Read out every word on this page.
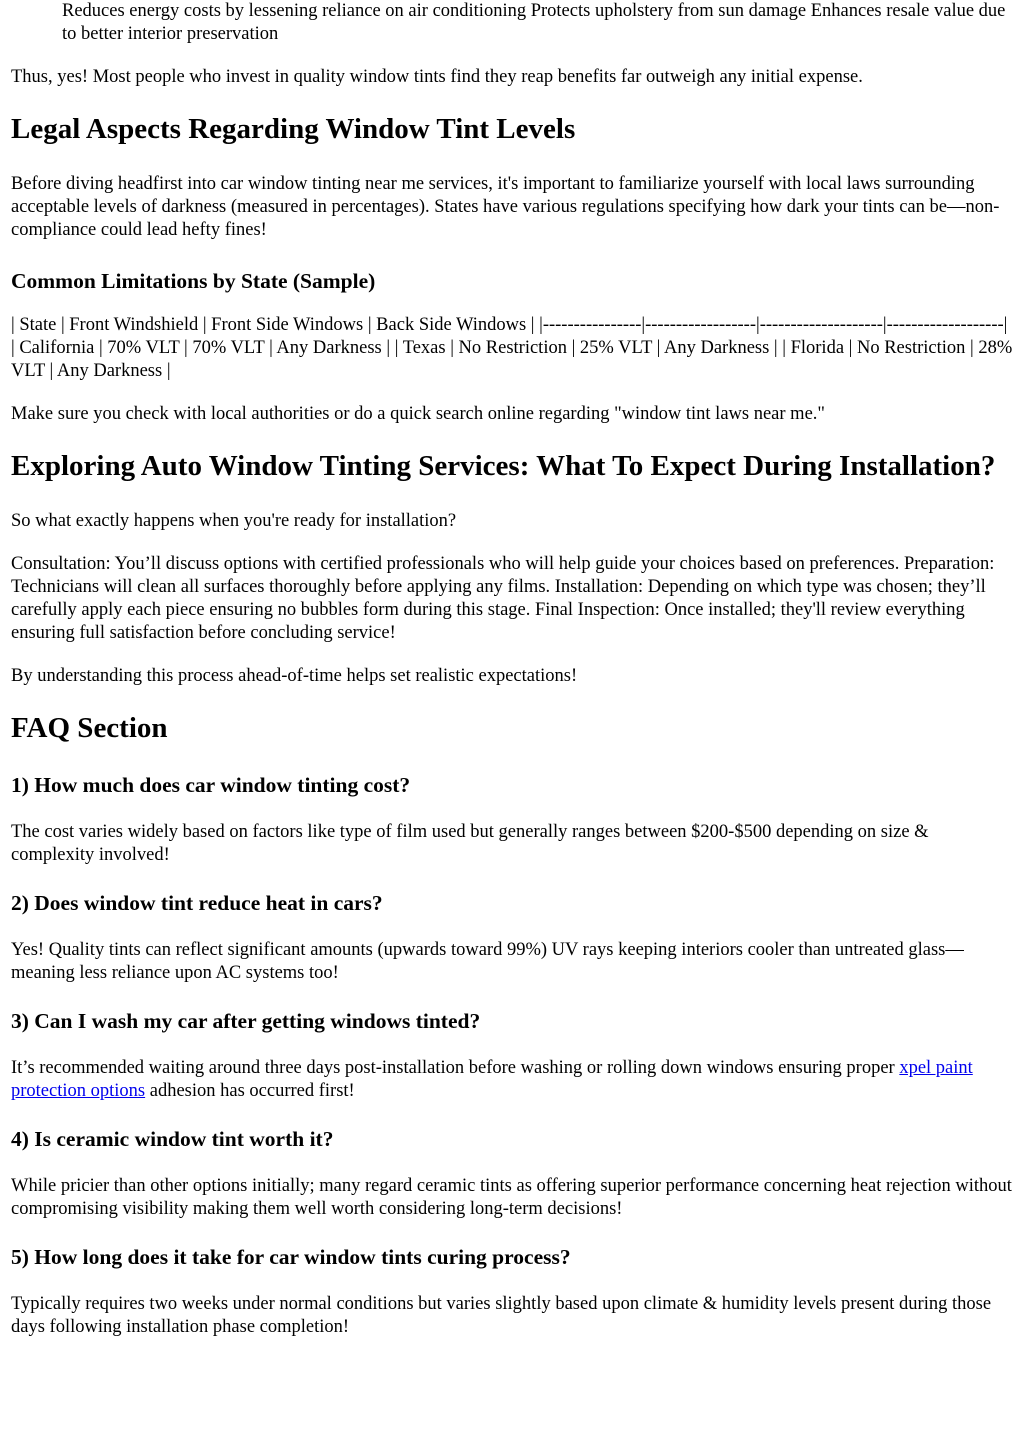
Reduces energy costs by lessening reliance on air conditioning Protects upholstery from sun damage Enhances resale value due to better interior preservation

Thus, yes! Most people who invest in quality window tints find they reap benefits far outweigh any initial expense.

Legal Aspects Regarding Window Tint Levels

Before diving headfirst into car window tinting near me services, it's important to familiarize yourself with local laws surrounding acceptable levels of darkness (measured in percentages). States have various regulations specifying how dark your tints can be—non-compliance could lead hefty fines!

Common Limitations by State (Sample)

| State | Front Windshield | Front Side Windows | Back Side Windows | |----------------|------------------|--------------------|-------------------| | California | 70% VLT | 70% VLT | Any Darkness | | Texas | No Restriction | 25% VLT | Any Darkness | | Florida | No Restriction | 28% VLT | Any Darkness |

Make sure you check with local authorities or do a quick search online regarding "window tint laws near me."

Exploring Auto Window Tinting Services: What To Expect During Installation?

So what exactly happens when you're ready for installation?

Consultation: You’ll discuss options with certified professionals who will help guide your choices based on preferences. Preparation: Technicians will clean all surfaces thoroughly before applying any films. Installation: Depending on which type was chosen; they’ll carefully apply each piece ensuring no bubbles form during this stage. Final Inspection: Once installed; they'll review everything ensuring full satisfaction before concluding service!

By understanding this process ahead-of-time helps set realistic expectations!

FAQ Section
1) How much does car window tinting cost?

The cost varies widely based on factors like type of film used but generally ranges between $200-$500 depending on size & complexity involved!

2) Does window tint reduce heat in cars?

Yes! Quality tints can reflect significant amounts (upwards toward 99%) UV rays keeping interiors cooler than untreated glass—meaning less reliance upon AC systems too!

3) Can I wash my car after getting windows tinted?

It’s recommended waiting around three days post-installation before washing or rolling down windows ensuring proper xpel paint protection options adhesion has occurred first!

4) Is ceramic window tint worth it?

While pricier than other options initially; many regard ceramic tints as offering superior performance concerning heat rejection without compromising visibility making them well worth considering long-term decisions!

5) How long does it take for car window tints curing process?

Typically requires two weeks under normal conditions but varies slightly based upon climate & humidity levels present during those days following installation phase completion!
